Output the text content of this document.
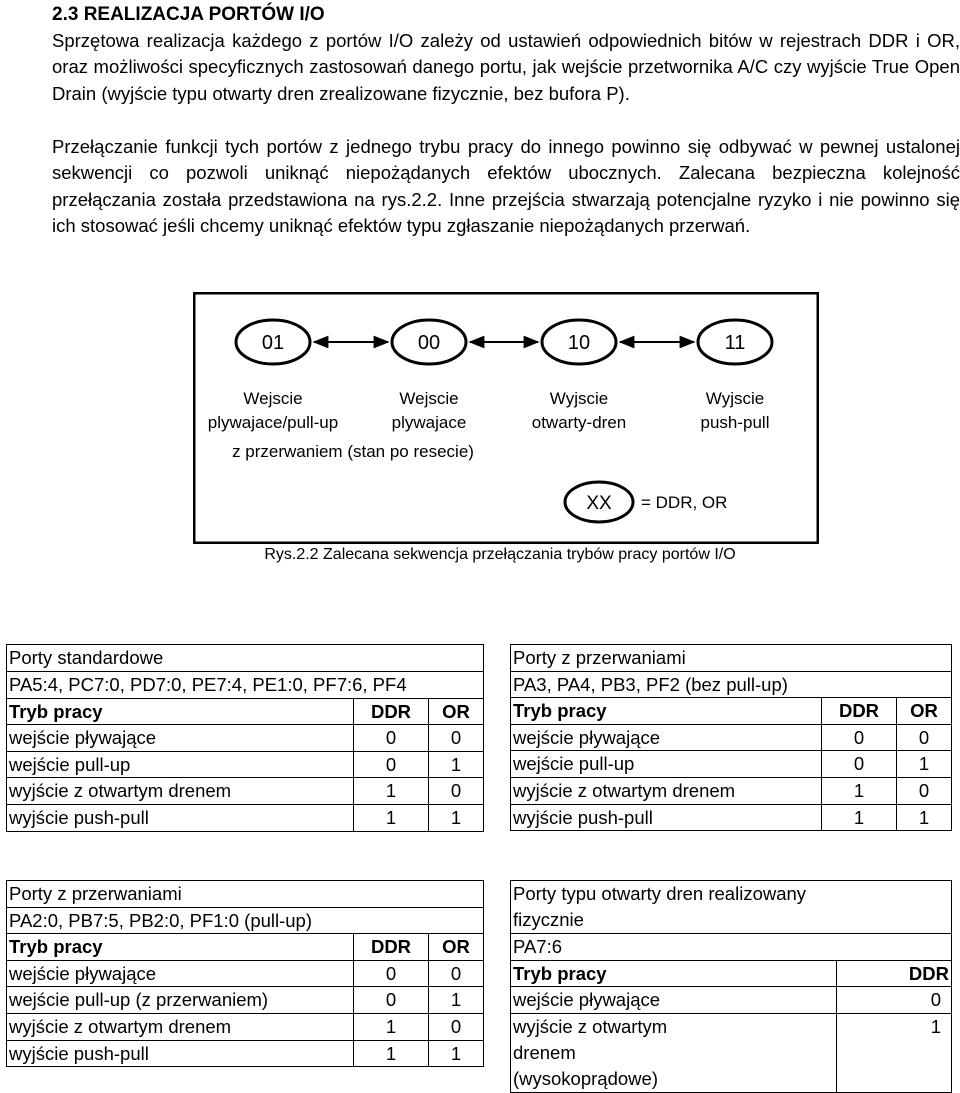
2.3 REALIZACJA PORTÓW I/O

Sprzętowa realizacja każdego z portów I/O zależy od ustawień odpowiednich bitów w rejestrach DDR i OR, oraz możliwości specyficznych zastosowań danego portu, jak wejście przetwornika A/C czy wyjście True Open Drain (wyjście typu otwarty dren zrealizowane fizycznie, bez bufora P).

Przełączanie funkcji tych portów z jednego trybu pracy do innego powinno się odbywać w pewnej ustalonej sekwencji co pozwoli uniknąć niepożądanych efektów ubocznych. Zalecana bezpieczna kolejność przełączania została przedstawiona na rys.2.2. Inne przejścia stwarzają potencjalne ryzyko i nie powinno się ich stosować jeśli chcemy uniknąć efektów typu zgłaszanie niepożądanych przerwań.

01	00	10	11
Wejscie
plywajace/pull-up
Wejscie
plywajace
Wyjscie
otwarty-dren
Wyjscie
push-pull
z przerwaniem (stan po resecie)
XX = DDR, OR

Rys.2.2 Zalecana sekwencja przełączania trybów pracy portów I/O

Porty standardowe		
PA5:4, PC7:0, PD7:0, PE7:4, PE1:0, PF7:6, PF4		
Tryb pracy	DDR	OR
wejście pływające	0	0
wejście pull-up	0	1
wyjście z otwartym drenem	1	0
wyjście push-pull	1	1
Porty z przerwaniami		
PA3, PA4, PB3, PF2 (bez pull-up)		
Tryb pracy	DDR	OR
wejście pływające	0	0
wejście pull-up	0	1
wyjście z otwartym drenem	1	0
wyjście push-pull	1	1
Porty z przerwaniami		
PA2:0, PB7:5, PB2:0, PF1:0 (pull-up)		
Tryb pracy	DDR	OR
wejście pływające	0	0
wejście pull-up (z przerwaniem)	0	1
wyjście z otwartym drenem	1	0
wyjście push-pull	1	1
Porty typu otwarty dren realizowany fizycznie	
PA7:6	
Tryb pracy	DDR
wejście pływające	0
wyjście z otwartym drenem (wysokoprądowe)	1
